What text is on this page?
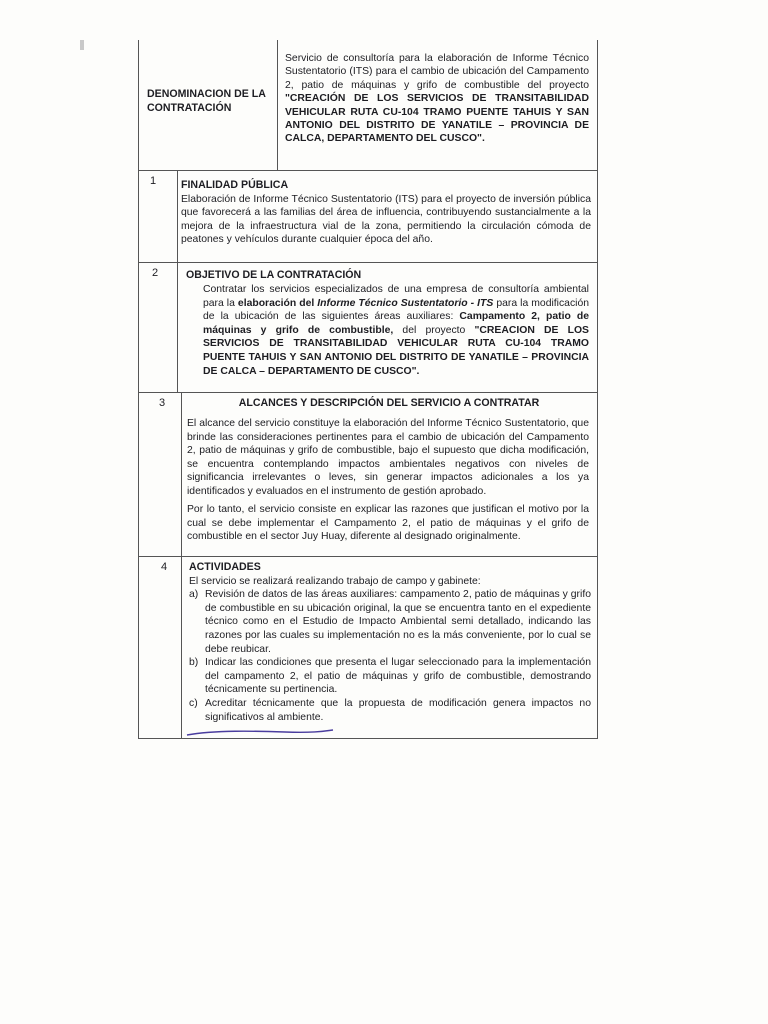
DENOMINACION DE LA CONTRATACIÓN
Servicio de consultoría para la elaboración de Informe Técnico Sustentatorio (ITS) para el cambio de ubicación del Campamento 2, patio de máquinas y grifo de combustible del proyecto "CREACIÓN DE LOS SERVICIOS DE TRANSITABILIDAD VEHICULAR RUTA CU-104 TRAMO PUENTE TAHUIS Y SAN ANTONIO DEL DISTRITO DE YANATILE – PROVINCIA DE CALCA, DEPARTAMENTO DEL CUSCO".
1 FINALIDAD PÚBLICA
Elaboración de Informe Técnico Sustentatorio (ITS) para el proyecto de inversión pública que favorecerá a las familias del área de influencia, contribuyendo sustancialmente a la mejora de la infraestructura vial de la zona, permitiendo la circulación cómoda de peatones y vehículos durante cualquier época del año.
2	OBJETIVO DE LA CONTRATACIÓN
Contratar los servicios especializados de una empresa de consultoría ambiental para la elaboración del Informe Técnico Sustentatorio - ITS para la modificación de la ubicación de las siguientes áreas auxiliares: Campamento 2, patio de máquinas y grifo de combustible, del proyecto "CREACION DE LOS SERVICIOS DE TRANSITABILIDAD VEHICULAR RUTA CU-104 TRAMO PUENTE TAHUIS Y SAN ANTONIO DEL DISTRITO DE YANATILE – PROVINCIA DE CALCA – DEPARTAMENTO DE CUSCO".
3	ALCANCES Y DESCRIPCIÓN DEL SERVICIO A CONTRATAR
El alcance del servicio constituye la elaboración del Informe Técnico Sustentatorio, que brinde las consideraciones pertinentes para el cambio de ubicación del Campamento 2, patio de máquinas y grifo de combustible, bajo el supuesto que dicha modificación, se encuentra contemplando impactos ambientales negativos con niveles de significancia irrelevantes o leves, sin generar impactos adicionales a los ya identificados y evaluados en el instrumento de gestión aprobado.
Por lo tanto, el servicio consiste en explicar las razones que justifican el motivo por la cual se debe implementar el Campamento 2, el patio de máquinas y el grifo de combustible en el sector Juy Huay, diferente al designado originalmente.
4 ACTIVIDADES
El servicio se realizará realizando trabajo de campo y gabinete:
a) Revisión de datos de las áreas auxiliares: campamento 2, patio de máquinas y grifo de combustible en su ubicación original, la que se encuentra tanto en el expediente técnico como en el Estudio de Impacto Ambiental semi detallado, indicando las razones por las cuales su implementación no es la más conveniente, por lo cual se debe reubicar.
b) Indicar las condiciones que presenta el lugar seleccionado para la implementación del campamento 2, el patio de máquinas y grifo de combustible, demostrando técnicamente su pertinencia.
c) Acreditar técnicamente que la propuesta de modificación genera impactos no significativos al ambiente.
